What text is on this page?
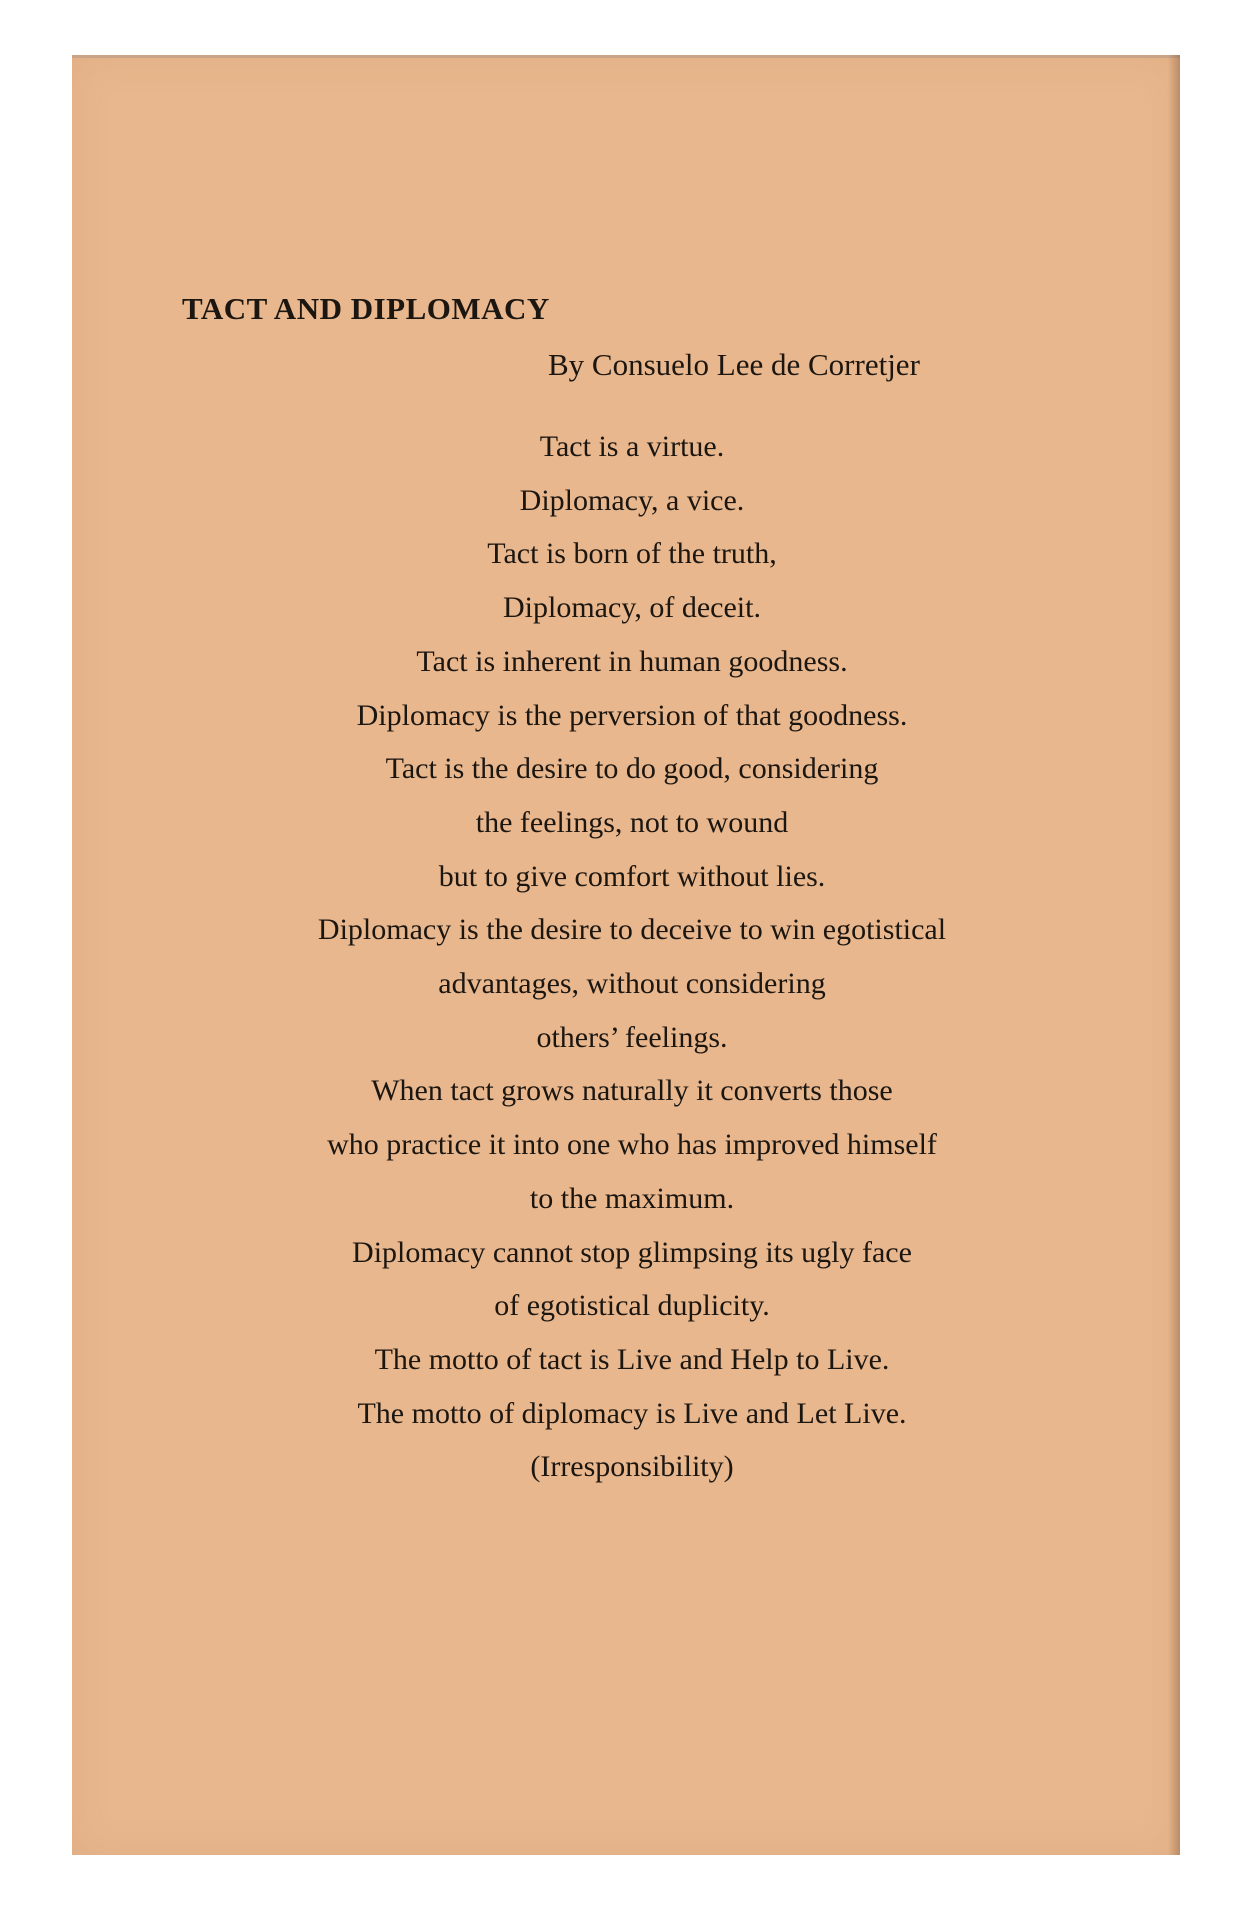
TACT AND DIPLOMACY

By Consuelo Lee de Corretjer

Tact is a virtue.
Diplomacy, a vice.
Tact is born of the truth,
Diplomacy, of deceit.
Tact is inherent in human goodness.
Diplomacy is the perversion of that goodness.
Tact is the desire to do good, considering
the feelings, not to wound
but to give comfort without lies.
Diplomacy is the desire to deceive to win egotistical
advantages, without considering
others’ feelings.
When tact grows naturally it converts those
who practice it into one who has improved himself
to the maximum.
Diplomacy cannot stop glimpsing its ugly face
of egotistical duplicity.
The motto of tact is Live and Help to Live.
The motto of diplomacy is Live and Let Live.
(Irresponsibility)
